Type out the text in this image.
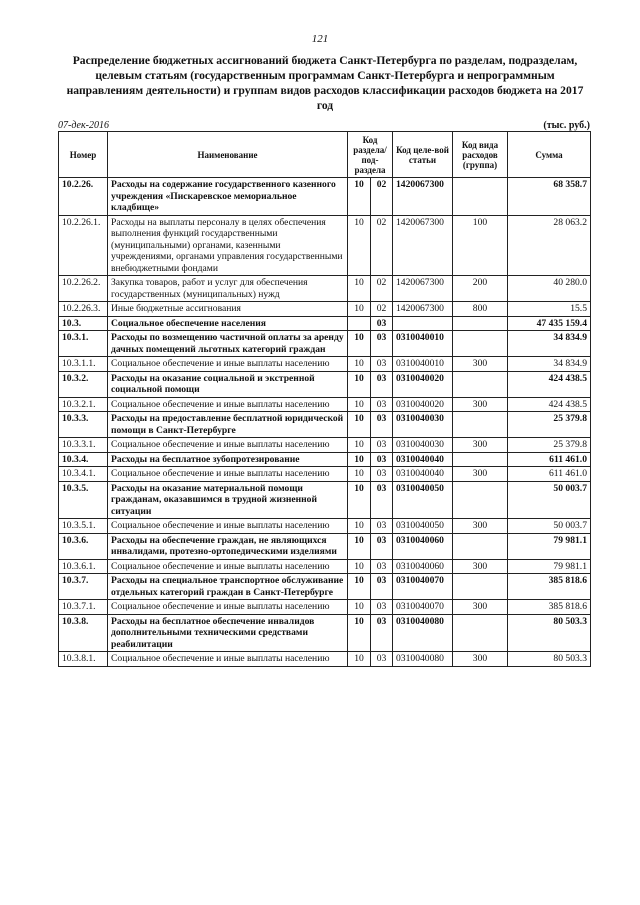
121
Распределение бюджетных ассигнований бюджета Санкт-Петербурга по разделам, подразделам, целевым статьям (государственным программам Санкт-Петербурга и непрограммным направлениям деятельности) и группам видов расходов классификации расходов бюджета на 2017 год
07-дек-2016	(тыс. руб.)
Номер	Наименование	Код раздела/ под-раздела		Код целе-вой статьи	Код вида расходов (группа)	Сумма
10.2.26.	Расходы на содержание государственного казенного учреждения «Пискаревское мемориальное кладбище»	10	02	1420067300		68 358.7
10.2.26.1.	Расходы на выплаты персоналу в целях обеспечения выполнения функций государственными (муниципальными) органами, казенными учреждениями, органами управления государственными внебюджетными фондами	10	02	1420067300	100	28 063.2
10.2.26.2.	Закупка товаров, работ и услуг для обеспечения государственных (муниципальных) нужд	10	02	1420067300	200	40 280.0
10.2.26.3.	Иные бюджетные ассигнования	10	02	1420067300	800	15.5
10.3.	Социальное обеспечение населения		03			47 435 159.4
10.3.1.	Расходы по возмещению частичной оплаты за аренду дачных помещений льготных категорий граждан	10	03	0310040010		34 834.9
10.3.1.1.	Социальное обеспечение и иные выплаты населению	10	03	0310040010	300	34 834.9
10.3.2.	Расходы на оказание социальной и экстренной социальной помощи	10	03	0310040020		424 438.5
10.3.2.1.	Социальное обеспечение и иные выплаты населению	10	03	0310040020	300	424 438.5
10.3.3.	Расходы на предоставление бесплатной юридической помощи в Санкт-Петербурге	10	03	0310040030		25 379.8
10.3.3.1.	Социальное обеспечение и иные выплаты населению	10	03	0310040030	300	25 379.8
10.3.4.	Расходы на бесплатное зубопротезирование	10	03	0310040040		611 461.0
10.3.4.1.	Социальное обеспечение и иные выплаты населению	10	03	0310040040	300	611 461.0
10.3.5.	Расходы на оказание материальной помощи гражданам, оказавшимся в трудной жизненной ситуации	10	03	0310040050		50 003.7
10.3.5.1.	Социальное обеспечение и иные выплаты населению	10	03	0310040050	300	50 003.7
10.3.6.	Расходы на обеспечение граждан, не являющихся инвалидами, протезно-ортопедическими изделиями	10	03	0310040060		79 981.1
10.3.6.1.	Социальное обеспечение и иные выплаты населению	10	03	0310040060	300	79 981.1
10.3.7.	Расходы на специальное транспортное обслуживание отдельных категорий граждан в Санкт-Петербурге	10	03	0310040070		385 818.6
10.3.7.1.	Социальное обеспечение и иные выплаты населению	10	03	0310040070	300	385 818.6
10.3.8.	Расходы на бесплатное обеспечение инвалидов дополнительными техническими средствами реабилитации	10	03	0310040080		80 503.3
10.3.8.1.	Социальное обеспечение и иные выплаты населению	10	03	0310040080	300	80 503.3
